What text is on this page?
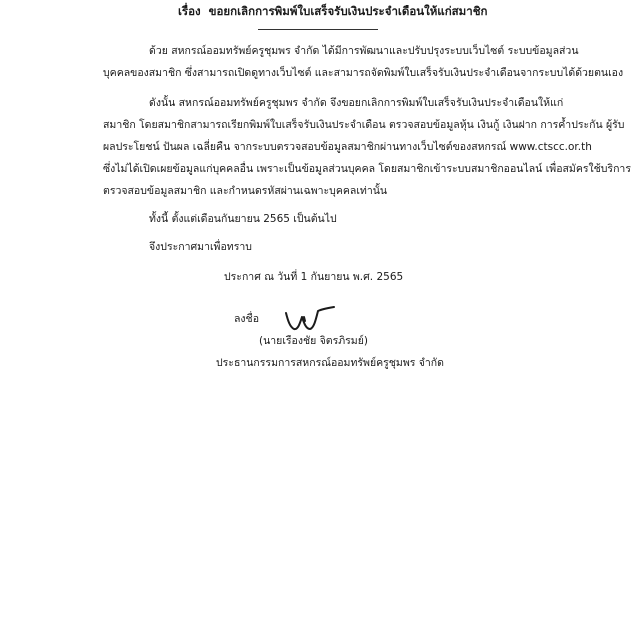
เรื่อง ขอยกเลิกการพิมพ์ใบเสร็จรับเงินประจำเดือนให้แก่สมาชิก
ด้วย สหกรณ์ออมทรัพย์ครูชุมพร จำกัด ได้มีการพัฒนาและปรับปรุงระบบเว็บไซต์ ระบบข้อมูลส่วน
บุคคลของสมาชิก ซึ่งสามารถเปิดดูทางเว็บไซต์ และสามารถจัดพิมพ์ใบเสร็จรับเงินประจำเดือนจากระบบได้ด้วยตนเอง
ดังนั้น สหกรณ์ออมทรัพย์ครูชุมพร จำกัด จึงขอยกเลิกการพิมพ์ใบเสร็จรับเงินประจำเดือนให้แก่
สมาชิก โดยสมาชิกสามารถเรียกพิมพ์ใบเสร็จรับเงินประจำเดือน ตรวจสอบข้อมูลหุ้น เงินกู้ เงินฝาก การค้ำประกัน ผู้รับ
ผลประโยชน์ ปันผล เฉลี่ยคืน จากระบบตรวจสอบข้อมูลสมาชิกผ่านทางเว็บไซต์ของสหกรณ์ www.ctscc.or.th
ซึ่งไม่ได้เปิดเผยข้อมูลแก่บุคคลอื่น เพราะเป็นข้อมูลส่วนบุคคล โดยสมาชิกเข้าระบบสมาชิกออนไลน์ เพื่อสมัครใช้บริการ
ตรวจสอบข้อมูลสมาชิก และกำหนดรหัสผ่านเฉพาะบุคคลเท่านั้น
ทั้งนี้ ตั้งแต่เดือนกันยายน 2565 เป็นต้นไป
จึงประกาศมาเพื่อทราบ
ประกาศ ณ วันที่ 1 กันยายน พ.ศ. 2565
ลงชื่อ
(นายเรืองชัย จิตรภิรมย์)
ประธานกรรมการสหกรณ์ออมทรัพย์ครูชุมพร จำกัด
